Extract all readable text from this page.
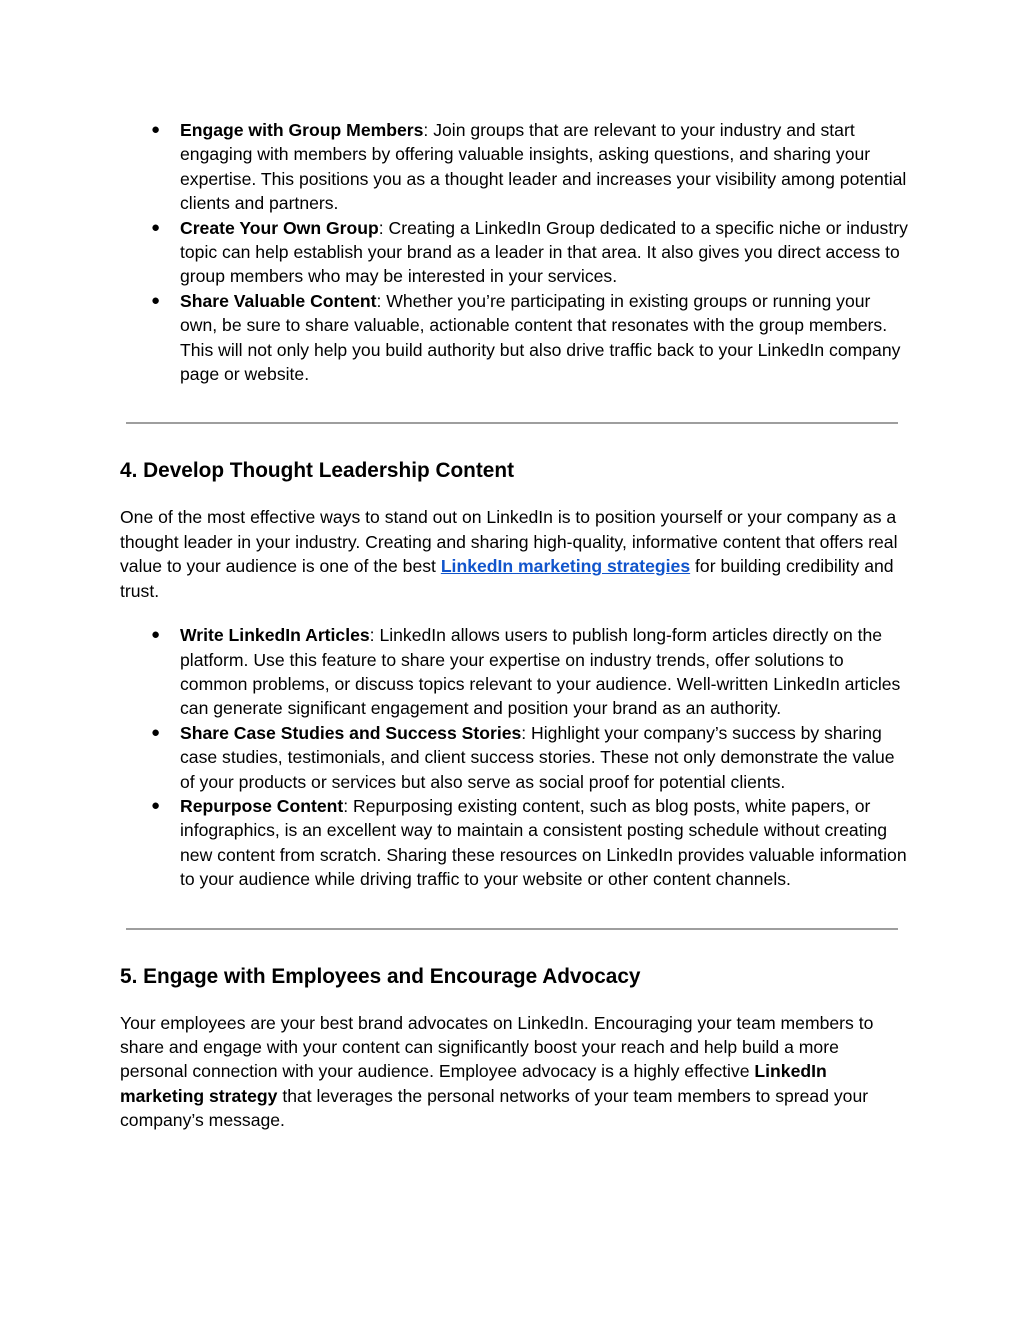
● Engage with Group Members: Join groups that are relevant to your industry and start engaging with members by offering valuable insights, asking questions, and sharing your expertise. This positions you as a thought leader and increases your visibility among potential clients and partners.
● Create Your Own Group: Creating a LinkedIn Group dedicated to a specific niche or industry topic can help establish your brand as a leader in that area. It also gives you direct access to group members who may be interested in your services.
● Share Valuable Content: Whether you’re participating in existing groups or running your own, be sure to share valuable, actionable content that resonates with the group members. This will not only help you build authority but also drive traffic back to your LinkedIn company page or website.
4. Develop Thought Leadership Content

One of the most effective ways to stand out on LinkedIn is to position yourself or your company as a thought leader in your industry. Creating and sharing high-quality, informative content that offers real value to your audience is one of the best LinkedIn marketing strategies for building credibility and trust.

● Write LinkedIn Articles: LinkedIn allows users to publish long-form articles directly on the platform. Use this feature to share your expertise on industry trends, offer solutions to common problems, or discuss topics relevant to your audience. Well-written LinkedIn articles can generate significant engagement and position your brand as an authority.
● Share Case Studies and Success Stories: Highlight your company’s success by sharing case studies, testimonials, and client success stories. These not only demonstrate the value of your products or services but also serve as social proof for potential clients.
● Repurpose Content: Repurposing existing content, such as blog posts, white papers, or infographics, is an excellent way to maintain a consistent posting schedule without creating new content from scratch. Sharing these resources on LinkedIn provides valuable information to your audience while driving traffic to your website or other content channels.
5. Engage with Employees and Encourage Advocacy

Your employees are your best brand advocates on LinkedIn. Encouraging your team members to share and engage with your content can significantly boost your reach and help build a more personal connection with your audience. Employee advocacy is a highly effective LinkedIn marketing strategy that leverages the personal networks of your team members to spread your company’s message.
